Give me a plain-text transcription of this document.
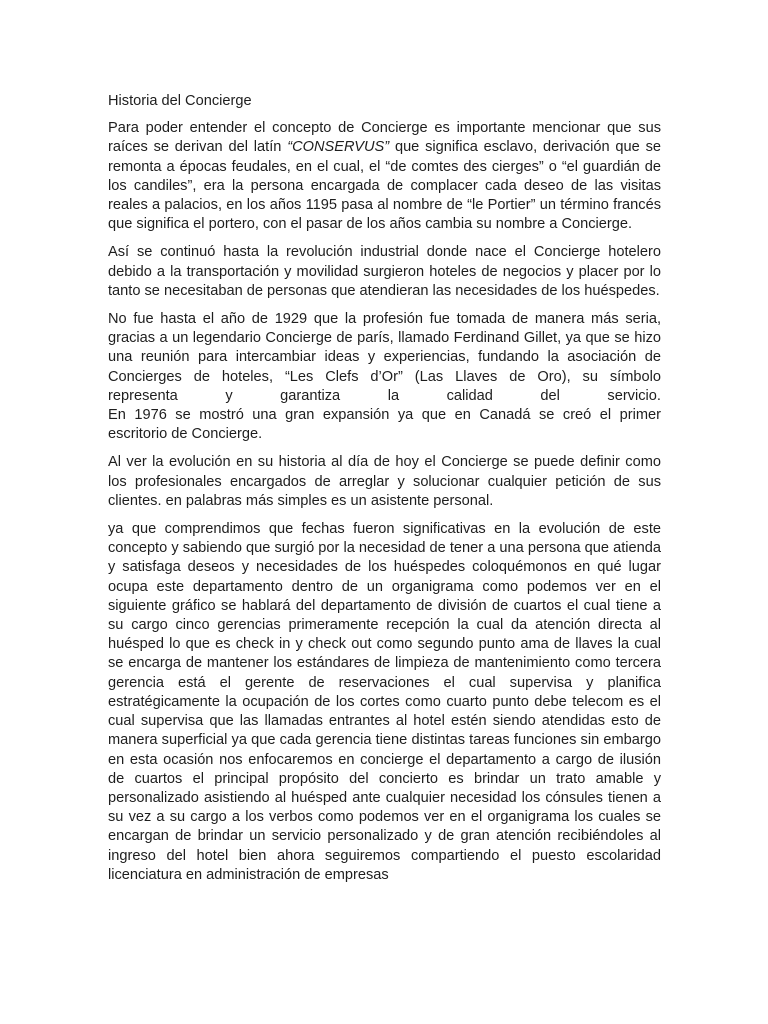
Historia del Concierge

Para poder entender el concepto de Concierge es importante mencionar que sus raíces se derivan del latín “CONSERVUS” que significa esclavo, derivación que se remonta a épocas feudales, en el cual, el “de comtes des cierges” o “el guardián de los candiles”, era la persona encargada de complacer cada deseo de las visitas reales a palacios, en los años 1195 pasa al nombre de “le Portier” un término francés que significa el portero, con el pasar de los años cambia su nombre a Concierge.

Así se continuó hasta la revolución industrial donde nace el Concierge hotelero debido a la transportación y movilidad surgieron hoteles de negocios y placer por lo tanto se necesitaban de personas que atendieran las necesidades de los huéspedes.

No fue hasta el año de 1929 que la profesión fue tomada de manera más seria, gracias a un legendario Concierge de parís, llamado Ferdinand Gillet, ya que se hizo una reunión para intercambiar ideas y experiencias, fundando la asociación de Concierges de hoteles, “Les Clefs d’Or” (Las Llaves de Oro), su símbolo
representa	y	garantiza	la	calidad	del	servicio.
En 1976 se mostró una gran expansión ya que en Canadá se creó el primer escritorio de Concierge.

Al ver la evolución en su historia al día de hoy el Concierge se puede definir como los profesionales encargados de arreglar y solucionar cualquier petición de sus clientes. en palabras más simples es un asistente personal.

ya que comprendimos que fechas fueron significativas en la evolución de este concepto y sabiendo que surgió por la necesidad de tener a una persona que atienda y satisfaga deseos y necesidades de los huéspedes coloquémonos en qué lugar ocupa este departamento dentro de un organigrama como podemos ver en el siguiente gráfico se hablará del departamento de división de cuartos el cual tiene a su cargo cinco gerencias primeramente recepción la cual da atención directa al huésped lo que es check in y check out como segundo punto ama de llaves la cual se encarga de mantener los estándares de limpieza de mantenimiento como tercera gerencia está el gerente de reservaciones el cual supervisa y planifica estratégicamente la ocupación de los cortes como cuarto punto debe telecom es el cual supervisa que las llamadas entrantes al hotel estén siendo atendidas esto de manera superficial ya que cada gerencia tiene distintas tareas funciones sin embargo en esta ocasión nos enfocaremos en concierge el departamento a cargo de ilusión de cuartos el principal propósito del concierto es brindar un trato amable y personalizado asistiendo al huésped ante cualquier necesidad los cónsules tienen a su vez a su cargo a los verbos como podemos ver en el organigrama los cuales se encargan de brindar un servicio personalizado y de gran atención recibiéndoles al ingreso del hotel bien ahora seguiremos compartiendo el puesto escolaridad licenciatura en administración de empresas
